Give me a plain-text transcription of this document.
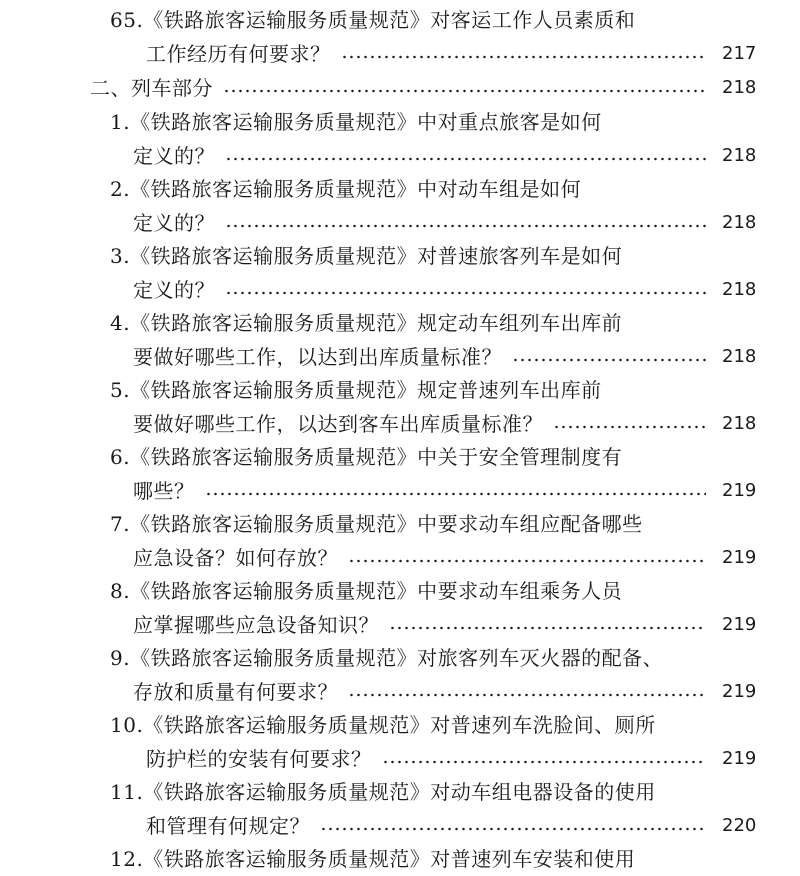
65.《铁路旅客运输服务质量规范》对客运工作人员素质和
工作经历有何要求？	217
二、列车部分	218
1.《铁路旅客运输服务质量规范》中对重点旅客是如何
定义的？	218
2.《铁路旅客运输服务质量规范》中对动车组是如何
定义的？	218
3.《铁路旅客运输服务质量规范》对普速旅客列车是如何
定义的？	218
4.《铁路旅客运输服务质量规范》规定动车组列车出库前
要做好哪些工作，以达到出库质量标准？	218
5.《铁路旅客运输服务质量规范》规定普速列车出库前
要做好哪些工作，以达到客车出库质量标准？	218
6.《铁路旅客运输服务质量规范》中关于安全管理制度有
哪些？	219
7.《铁路旅客运输服务质量规范》中要求动车组应配备哪些
应急设备？如何存放？	219
8.《铁路旅客运输服务质量规范》中要求动车组乘务人员
应掌握哪些应急设备知识？	219
9.《铁路旅客运输服务质量规范》对旅客列车灭火器的配备、
存放和质量有何要求？	219
10.《铁路旅客运输服务质量规范》对普速列车洗脸间、厕所
防护栏的安装有何要求？	219
11.《铁路旅客运输服务质量规范》对动车组电器设备的使用
和管理有何规定？	220
12.《铁路旅客运输服务质量规范》对普速列车安装和使用
